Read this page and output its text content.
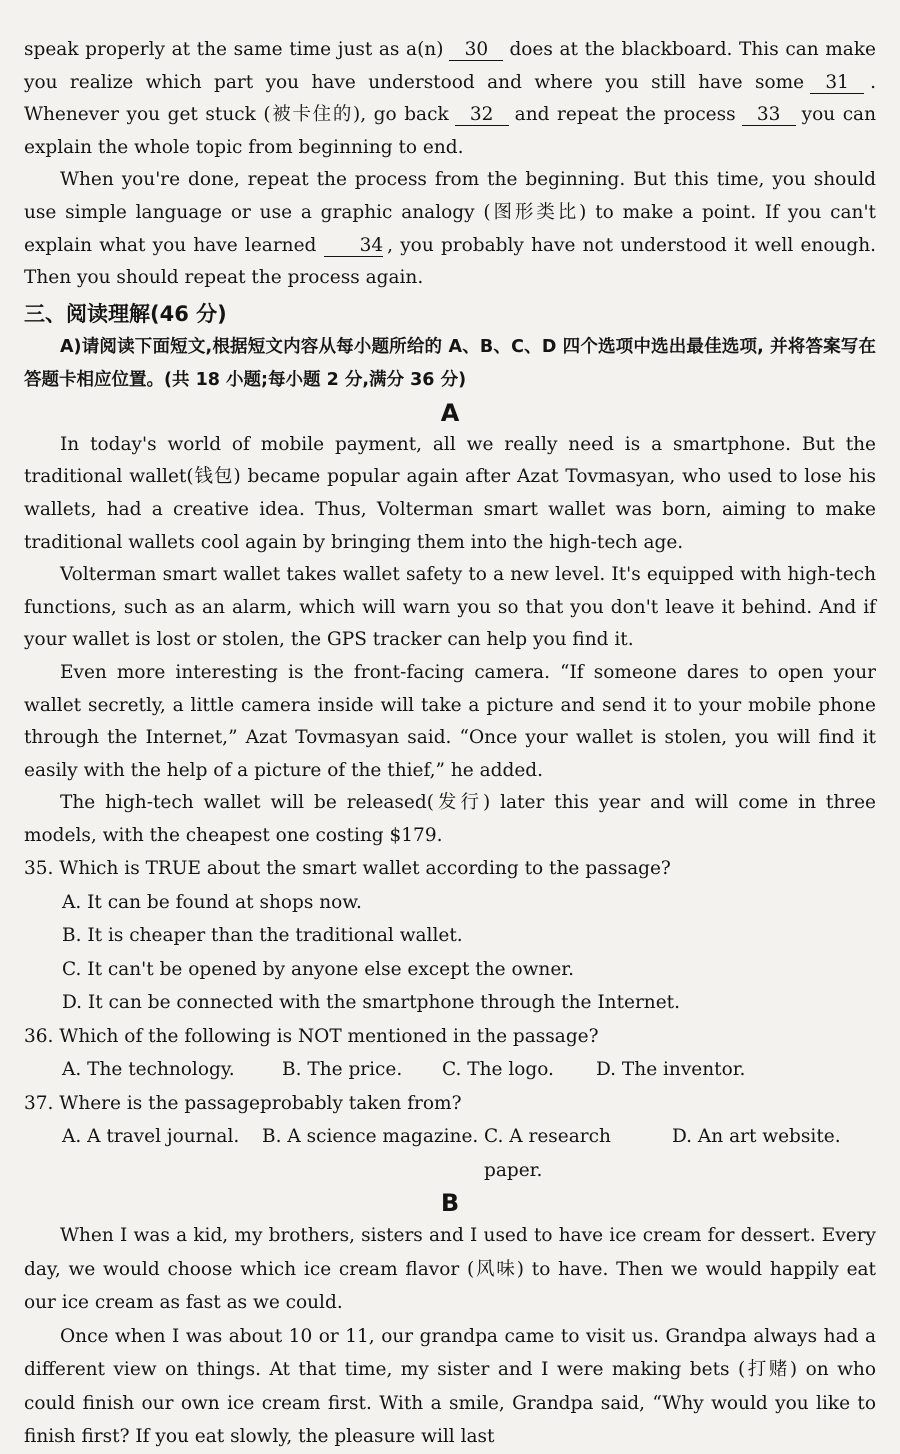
speak properly at the same time just as a(n) 30 does at the blackboard. This can make you realize which part you have understood and where you still have some 31 . Whenever you get stuck (被卡住的), go back 32 and repeat the process 33 you can explain the whole topic from beginning to end.

When you're done, repeat the process from the beginning. But this time, you should use simple language or use a graphic analogy (图形类比) to make a point. If you can't explain what you have learned 34 , you probably have not understood it well enough. Then you should repeat the process again.

三、阅读理解(46 分)

A)请阅读下面短文,根据短文内容从每小题所给的 A、B、C、D 四个选项中选出最佳选项, 并将答案写在答题卡相应位置。(共 18 小题;每小题 2 分,满分 36 分)

A

In today's world of mobile payment, all we really need is a smartphone. But the traditional wallet(钱包) became popular again after Azat Tovmasyan, who used to lose his wallets, had a creative idea. Thus, Volterman smart wallet was born, aiming to make traditional wallets cool again by bringing them into the high-tech age.

Volterman smart wallet takes wallet safety to a new level. It's equipped with high-tech functions, such as an alarm, which will warn you so that you don't leave it behind. And if your wallet is lost or stolen, the GPS tracker can help you find it.

Even more interesting is the front-facing camera. “If someone dares to open your wallet secretly, a little camera inside will take a picture and send it to your mobile phone through the Internet,” Azat Tovmasyan said. “Once your wallet is stolen, you will find it easily with the help of a picture of the thief,” he added.

The high-tech wallet will be released(发行) later this year and will come in three models, with the cheapest one costing $179.

35. Which is TRUE about the smart wallet according to the passage?
A. It can be found at shops now.
B. It is cheaper than the traditional wallet.
C. It can't be opened by anyone else except the owner.
D. It can be connected with the smartphone through the Internet.
36. Which of the following is NOT mentioned in the passage?
A. The technology.	B. The price.	C. The logo.	D. The inventor.
37. Where is the passageprobably taken from?
A. A travel journal.	B. A science magazine. C. A research paper.
D. An art website.
B

When I was a kid, my brothers, sisters and I used to have ice cream for dessert. Every day, we would choose which ice cream flavor (风味) to have. Then we would happily eat our ice cream as fast as we could.

Once when I was about 10 or 11, our grandpa came to visit us. Grandpa always had a different view on things. At that time, my sister and I were making bets (打赌) on who could finish our own ice cream first. With a smile, Grandpa said, “Why would you like to finish first? If you eat slowly, the pleasure will last
